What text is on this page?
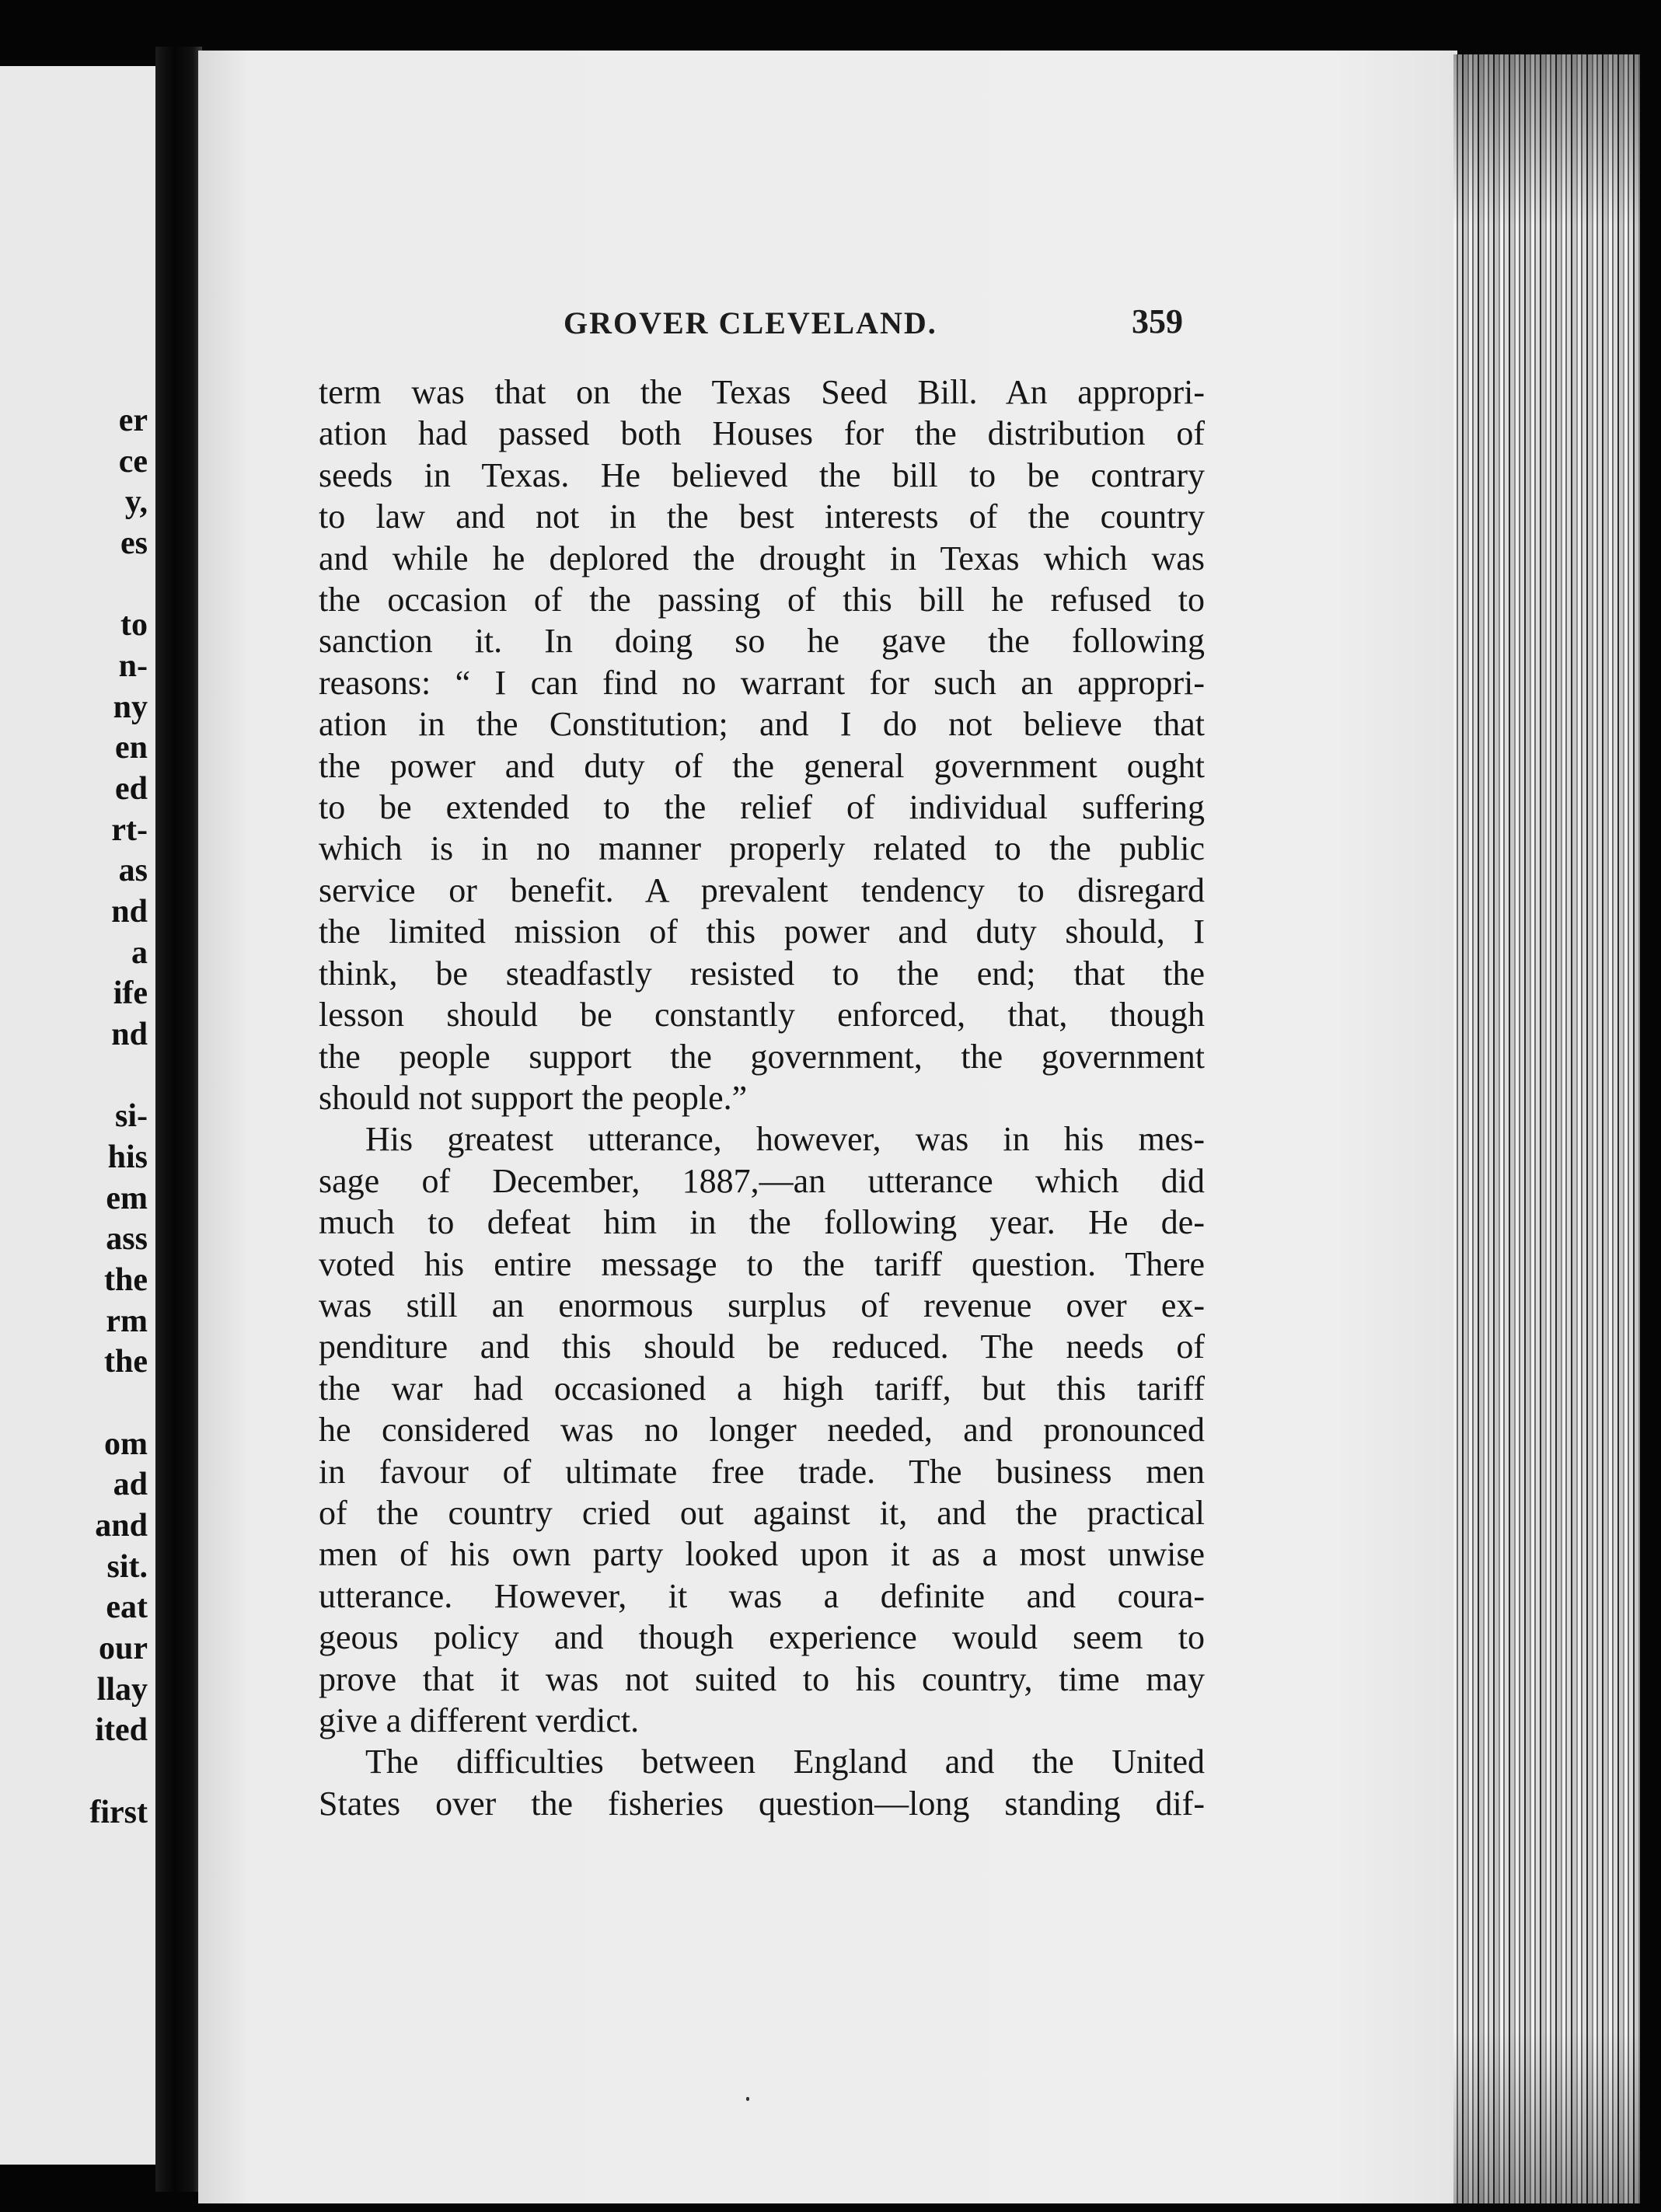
er
ce
y,
es
to
n-
ny
en
ed
rt-
as
nd
a
ife
nd
si-
his
em
ass
the
rm
the
om
ad
and
sit.
eat
our
llay
ited
first
GROVER CLEVELAND.	359
term was that on the Texas Seed Bill. An appropri-
ation had passed both Houses for the distribution of
seeds in Texas. He believed the bill to be contrary
to law and not in the best interests of the country
and while he deplored the drought in Texas which was
the occasion of the passing of this bill he refused to
sanction it. In doing so he gave the following
reasons: “ I can find no warrant for such an appropri-
ation in the Constitution; and I do not believe that
the power and duty of the general government ought
to be extended to the relief of individual suffering
which is in no manner properly related to the public
service or benefit. A prevalent tendency to disregard
the limited mission of this power and duty should, I
think, be steadfastly resisted to the end; that the
lesson should be constantly enforced, that, though
the people support the government, the government
should not support the people.”
His greatest utterance, however, was in his mes-
sage of December, 1887,—an utterance which did
much to defeat him in the following year. He de-
voted his entire message to the tariff question. There
was still an enormous surplus of revenue over ex-
penditure and this should be reduced. The needs of
the war had occasioned a high tariff, but this tariff
he considered was no longer needed, and pronounced
in favour of ultimate free trade. The business men
of the country cried out against it, and the practical
men of his own party looked upon it as a most unwise
utterance. However, it was a definite and coura-
geous policy and though experience would seem to
prove that it was not suited to his country, time may
give a different verdict.
The difficulties between England and the United
States over the fisheries question—long standing dif-
